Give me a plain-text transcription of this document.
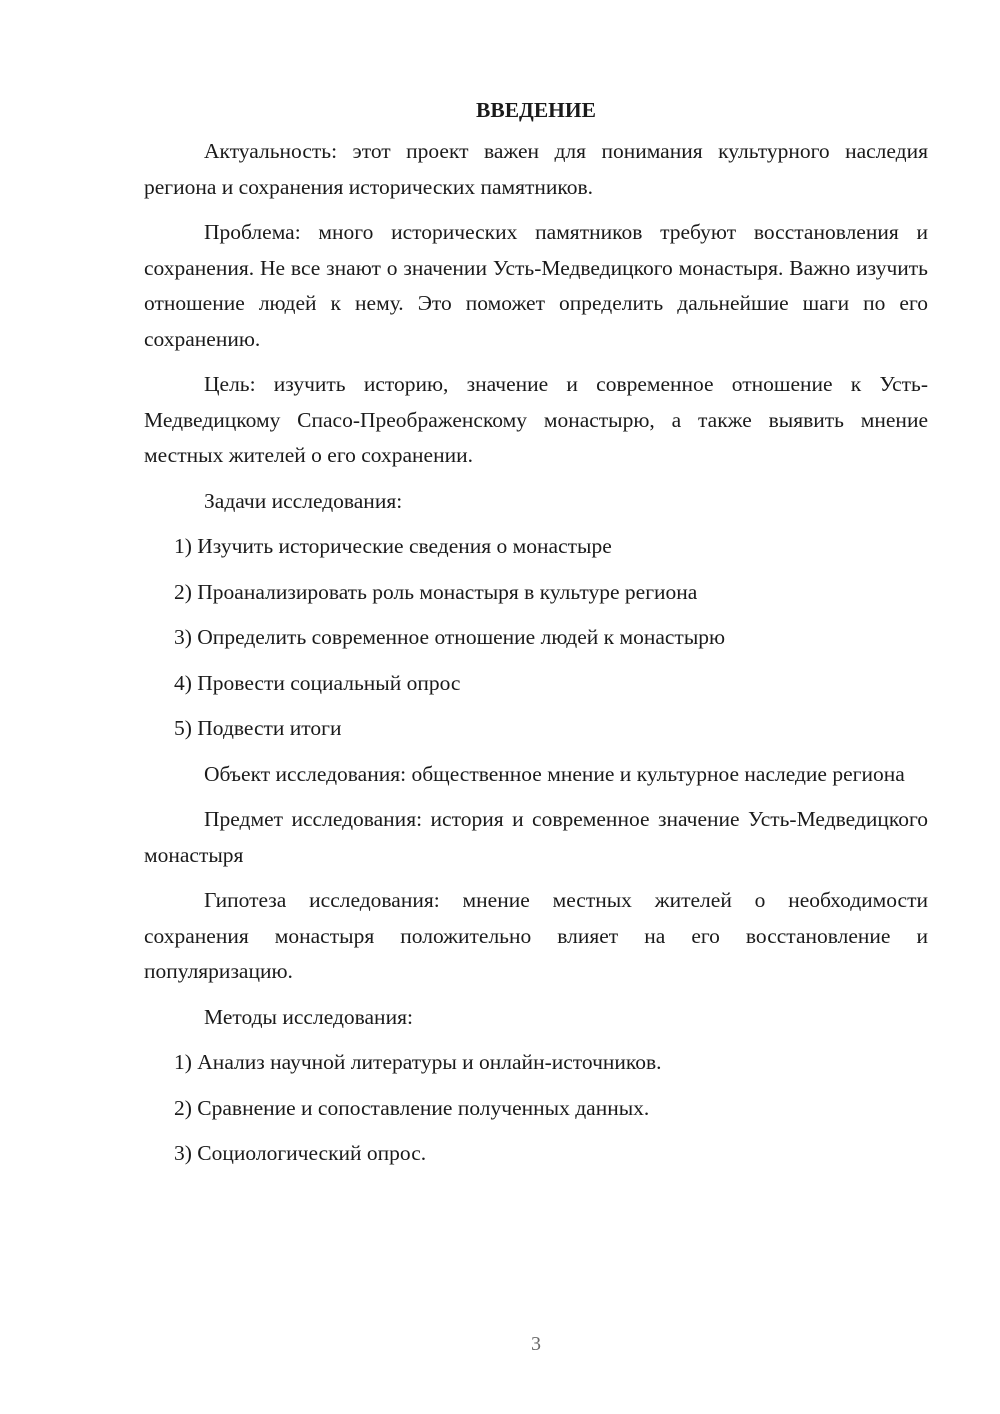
ВВЕДЕНИЕ

Актуальность: этот проект важен для понимания культурного наследия региона и сохранения исторических памятников.

Проблема: много исторических памятников требуют восстановления и сохранения. Не все знают о значении Усть-Медведицкого монастыря. Важно изучить отношение людей к нему. Это поможет определить дальнейшие шаги по его сохранению.

Цель: изучить историю, значение и современное отношение к Усть-Медведицкому Спасо-Преображенскому монастырю, а также выявить мнение местных жителей о его сохранении.

Задачи исследования:

1) Изучить исторические сведения о монастыре
2) Проанализировать роль монастыря в культуре региона
3) Определить современное отношение людей к монастырю
4) Провести социальный опрос
5) Подвести итоги

Объект исследования: общественное мнение и культурное наследие региона

Предмет исследования: история и современное значение Усть-Медведицкого монастыря

Гипотеза исследования: мнение местных жителей о необходимости сохранения монастыря положительно влияет на его восстановление и популяризацию.

Методы исследования:

1) Анализ научной литературы и онлайн-источников.
2) Сравнение и сопоставление полученных данных.
3) Социологический опрос.
3
